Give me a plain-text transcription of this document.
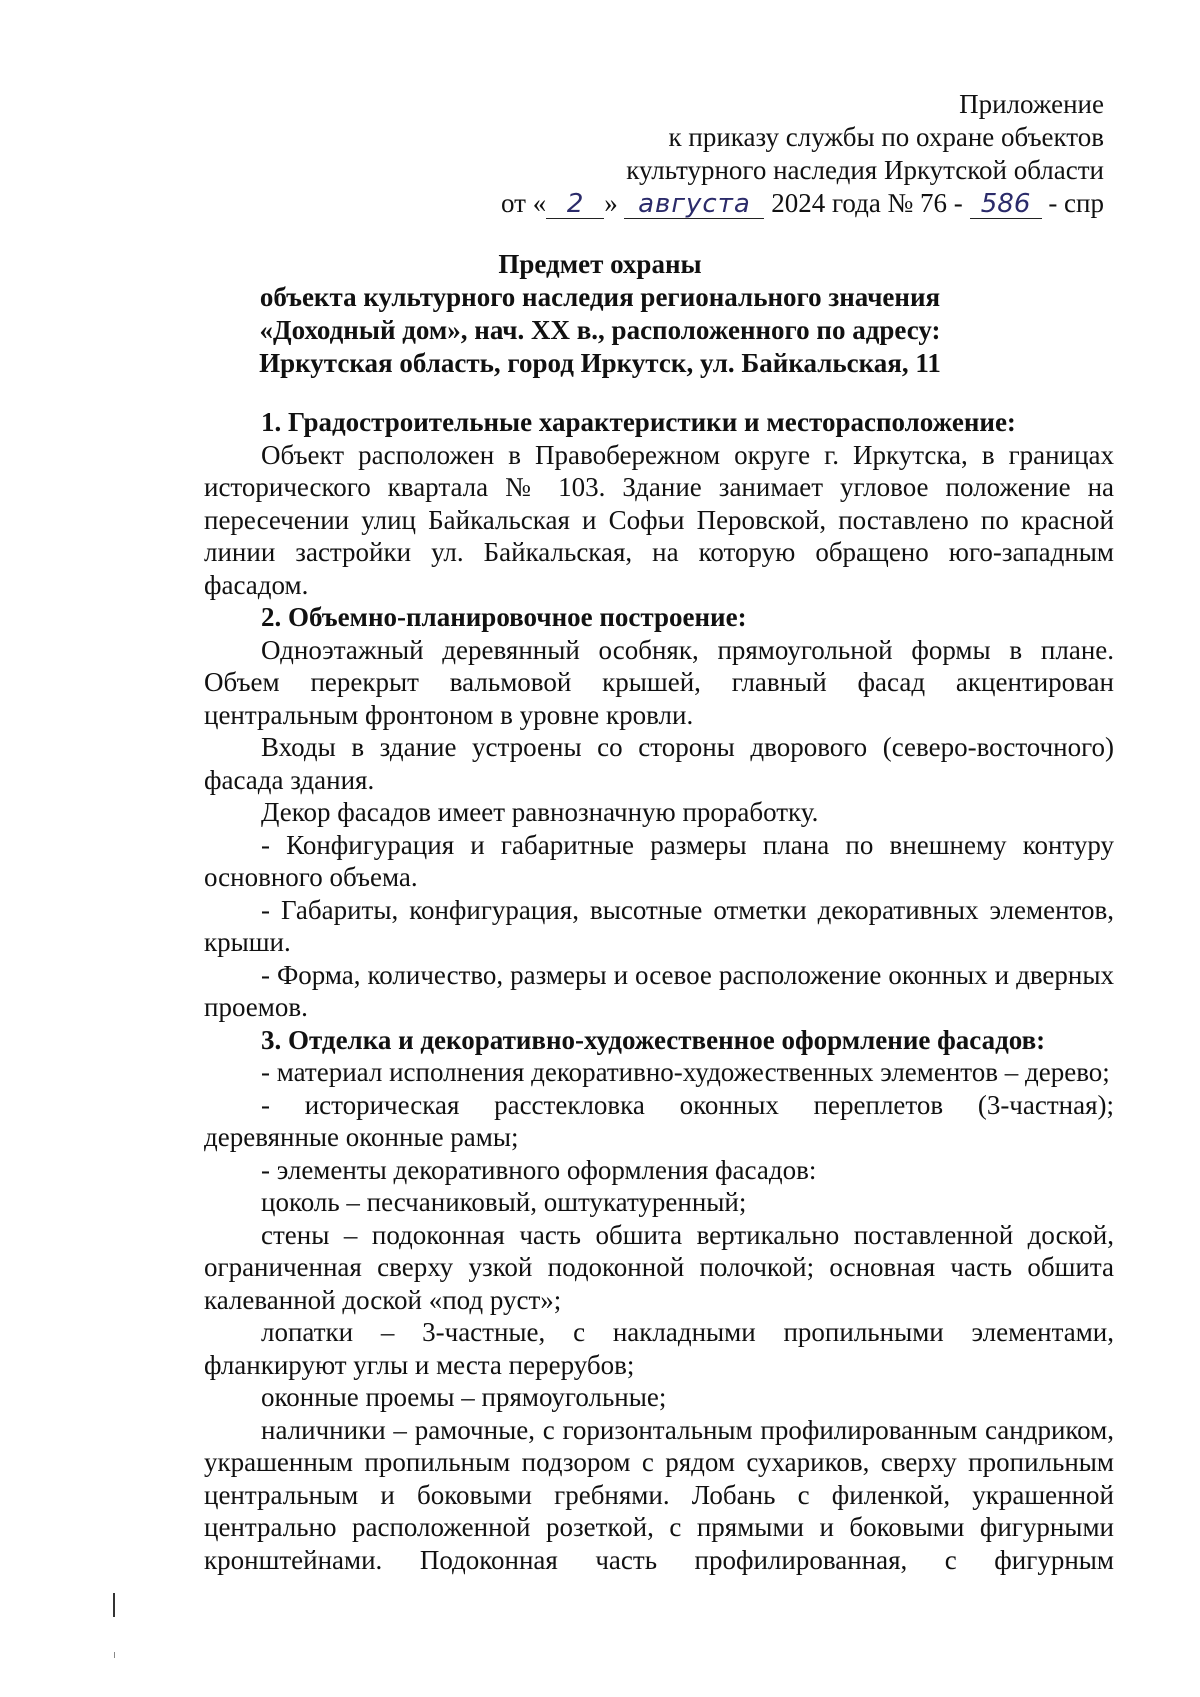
Приложение
к приказу службы по охране объектов
культурного наследия Иркутской области
от « 2 » августа 2024 года № 76 - 586 - спр
Предмет охраны
объекта культурного наследия регионального значения
«Доходный дом», нач. XX в., расположенного по адресу:
Иркутская область, город Иркутск, ул. Байкальская, 11

1. Градостроительные характеристики и месторасположение:

Объект расположен в Правобережном округе г. Иркутска, в границах исторического квартала № 103. Здание занимает угловое положение на пересечении улиц Байкальская и Софьи Перовской, поставлено по красной линии застройки ул. Байкальская, на которую обращено юго-западным фасадом.

2. Объемно-планировочное построение:

Одноэтажный деревянный особняк, прямоугольной формы в плане. Объем перекрыт вальмовой крышей, главный фасад акцентирован центральным фронтоном в уровне кровли.

Входы в здание устроены со стороны дворового (северо-восточного) фасада здания.

Декор фасадов имеет равнозначную проработку.

- Конфигурация и габаритные размеры плана по внешнему контуру основного объема.

- Габариты, конфигурация, высотные отметки декоративных элементов, крыши.

- Форма, количество, размеры и осевое расположение оконных и дверных проемов.

3. Отделка и декоративно-художественное оформление фасадов:

- материал исполнения декоративно-художественных элементов – дерево;

- историческая расстекловка оконных переплетов (3-частная); деревянные оконные рамы;

- элементы декоративного оформления фасадов:

цоколь – песчаниковый, оштукатуренный;

стены – подоконная часть обшита вертикально поставленной доской, ограниченная сверху узкой подоконной полочкой; основная часть обшита калеванной доской «под руст»;

лопатки – 3-частные, с накладными пропильными элементами, фланкируют углы и места перерубов;

оконные проемы – прямоугольные;

наличники – рамочные, с горизонтальным профилированным сандриком, украшенным пропильным подзором с рядом сухариков, сверху пропильным центральным и боковыми гребнями. Лобань с филенкой, украшенной центрально расположенной розеткой, с прямыми и боковыми фигурными кронштейнами. Подоконная часть профилированная, с фигурным
